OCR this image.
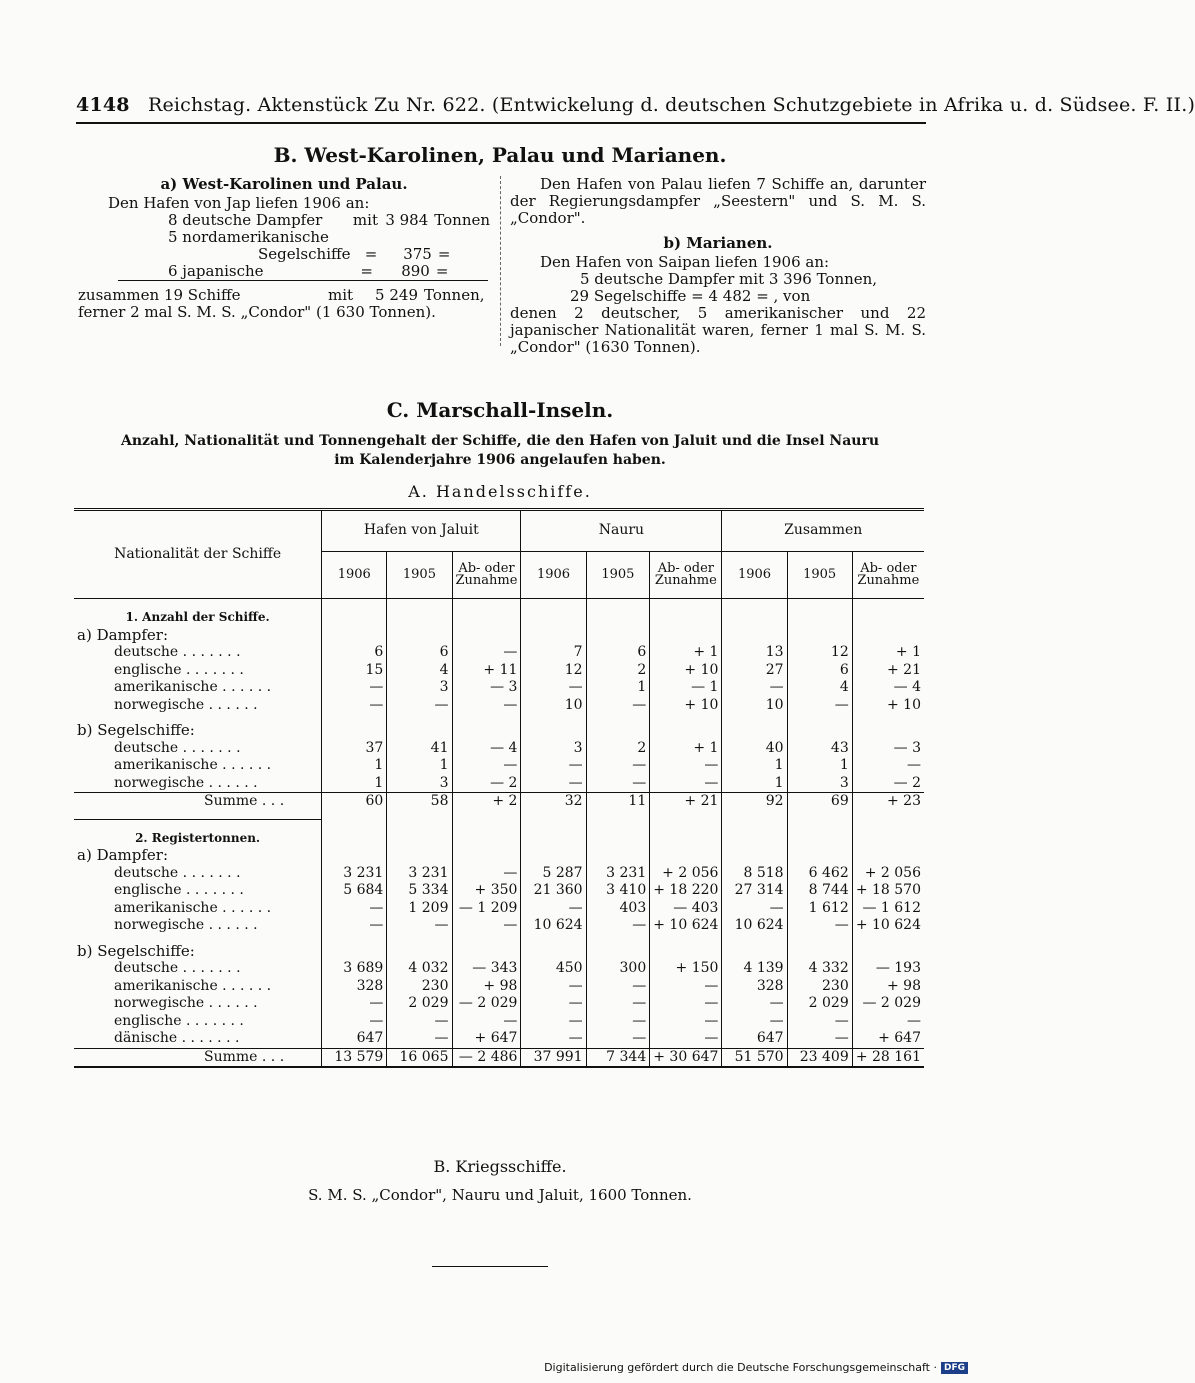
4148 Reichstag. Aktenstück Zu Nr. 622. (Entwickelung d. deutschen Schutzgebiete in Afrika u. d. Südsee. F. II.)
B. West-Karolinen, Palau und Marianen.
a) West-Karolinen und Palau.
Den Hafen von Jap liefen 1906 an:
8 deutsche Dampfer	mit 3 984 Tonnen
5 nordamerikanische
Segelschiffe =	375 =
6 japanische	=	890 =
zusammen 19 Schiffe	mit	5 249 Tonnen,
ferner 2 mal S. M. S. „Condor" (1 630 Tonnen).
Den Hafen von Palau liefen 7 Schiffe an, darunter der Regierungsdampfer „Seestern" und S. M. S. „Condor".
b) Marianen.
Den Hafen von Saipan liefen 1906 an:
5 deutsche Dampfer mit 3 396 Tonnen,
29 Segelschiffe = 4 482 = , von
denen 2 deutscher, 5 amerikanischer und 22 japanischer Nationalität waren, ferner 1 mal S. M. S. „Condor" (1630 Tonnen).
C. Marschall-Inseln.
Anzahl, Nationalität und Tonnengehalt der Schiffe, die den Hafen von Jaluit und die Insel Nauru
im Kalenderjahre 1906 angelaufen haben.
A. Handelsschiffe.
Nationalität der Schiffe	Hafen von Jaluit			Nauru			Zusammen		
	1906	1905	Ab- oder Zunahme	1906	1905	Ab- oder Zunahme	1906	1905	Ab- oder Zunahme
1. Anzahl der Schiffe.									
a) Dampfer:									
deutsche . . . . . . .	6	6	—	7	6	+ 1	13	12	+ 1
englische . . . . . . .	15	4	+ 11	12	2	+ 10	27	6	+ 21
amerikanische . . . . . .	—	3	— 3	—	1	— 1	—	4	— 4
norwegische . . . . . .	—	—	—	10	—	+ 10	10	—	+ 10

b) Segelschiffe:									
deutsche . . . . . . .	37	41	— 4	3	2	+ 1	40	43	— 3
amerikanische . . . . . .	1	1	—	—	—	—	1	1	—
norwegische . . . . . .	1	3	— 2	—	—	—	1	3	— 2
Summe . . .	60	58	+ 2	32	11	+ 21	92	69	+ 23

2. Registertonnen.									
a) Dampfer:									
deutsche . . . . . . .	3 231	3 231	—	5 287	3 231	+ 2 056	8 518	6 462	+ 2 056
englische . . . . . . .	5 684	5 334	+ 350	21 360	3 410	+ 18 220	27 314	8 744	+ 18 570
amerikanische . . . . . .	—	1 209	— 1 209	—	403	— 403	—	1 612	— 1 612
norwegische . . . . . .	—	—	—	10 624	—	+ 10 624	10 624	—	+ 10 624

b) Segelschiffe:									
deutsche . . . . . . .	3 689	4 032	— 343	450	300	+ 150	4 139	4 332	— 193
amerikanische . . . . . .	328	230	+ 98	—	—	—	328	230	+ 98
norwegische . . . . . .	—	2 029	— 2 029	—	—	—	—	2 029	— 2 029
englische . . . . . . .	—	—	—	—	—	—	—	—	—
dänische . . . . . . .	647	—	+ 647	—	—	—	647	—	+ 647
Summe . . .	13 579	16 065	— 2 486	37 991	7 344	+ 30 647	51 570	23 409	+ 28 161
B. Kriegsschiffe.
S. M. S. „Condor", Nauru und Jaluit, 1600 Tonnen.
Digitalisierung gefördert durch die Deutsche Forschungsgemeinschaft · DFG
